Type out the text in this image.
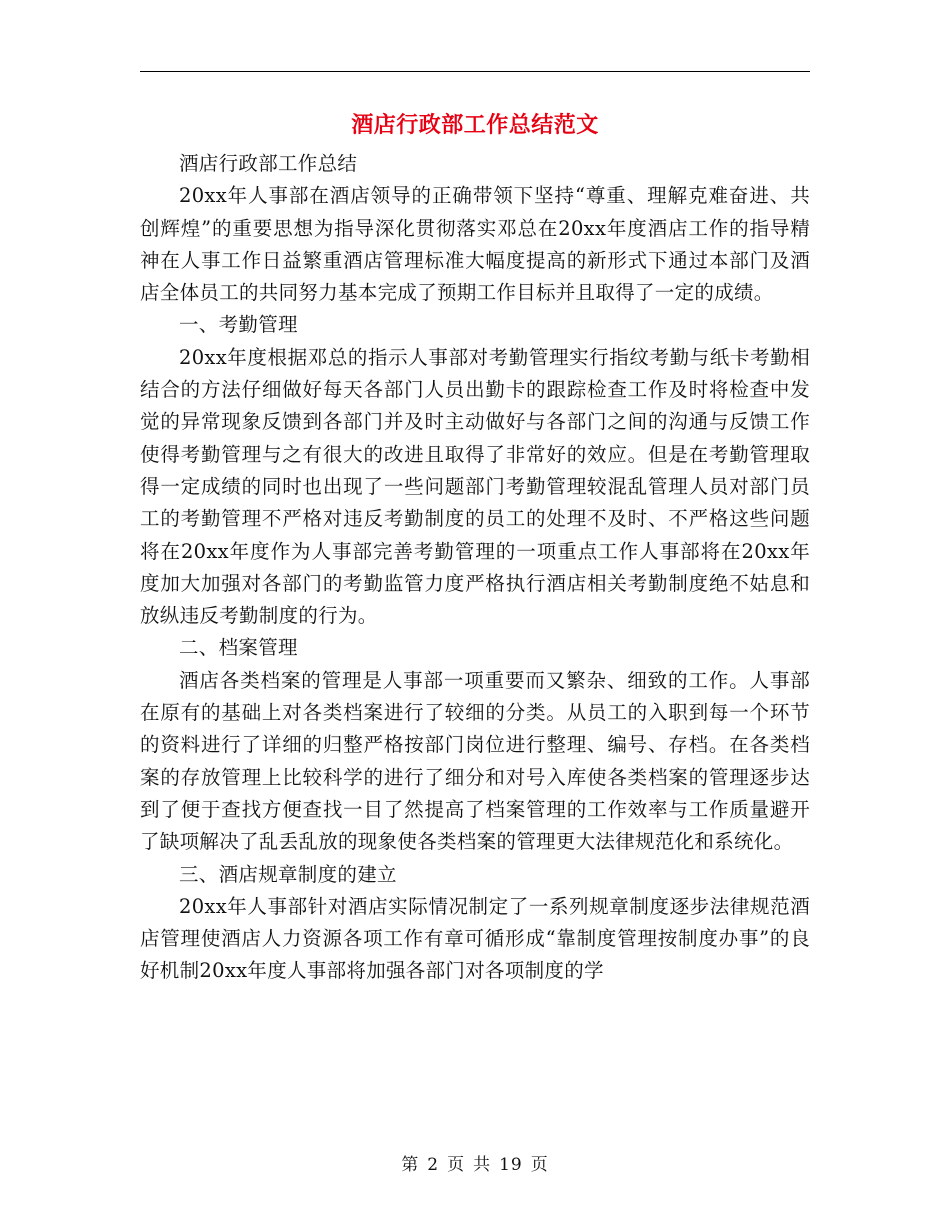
酒店行政部工作总结范文

酒店行政部工作总结

20xx年人事部在酒店领导的正确带领下坚持“尊重、理解克难奋进、共创辉煌”的重要思想为指导深化贯彻落实邓总在20xx年度酒店工作的指导精神在人事工作日益繁重酒店管理标准大幅度提高的新形式下通过本部门及酒店全体员工的共同努力基本完成了预期工作目标并且取得了一定的成绩。

一、考勤管理

20xx年度根据邓总的指示人事部对考勤管理实行指纹考勤与纸卡考勤相结合的方法仔细做好每天各部门人员出勤卡的跟踪检查工作及时将检查中发觉的异常现象反馈到各部门并及时主动做好与各部门之间的沟通与反馈工作使得考勤管理与之有很大的改进且取得了非常好的效应。但是在考勤管理取得一定成绩的同时也出现了一些问题部门考勤管理较混乱管理人员对部门员工的考勤管理不严格对违反考勤制度的员工的处理不及时、不严格这些问题将在20xx年度作为人事部完善考勤管理的一项重点工作人事部将在20xx年度加大加强对各部门的考勤监管力度严格执行酒店相关考勤制度绝不姑息和放纵违反考勤制度的行为。

二、档案管理

酒店各类档案的管理是人事部一项重要而又繁杂、细致的工作。人事部在原有的基础上对各类档案进行了较细的分类。从员工的入职到每一个环节的资料进行了详细的归整严格按部门岗位进行整理、编号、存档。在各类档案的存放管理上比较科学的进行了细分和对号入库使各类档案的管理逐步达到了便于查找方便查找一目了然提高了档案管理的工作效率与工作质量避开了缺项解决了乱丢乱放的现象使各类档案的管理更大法律规范化和系统化。

三、酒店规章制度的建立

20xx年人事部针对酒店实际情况制定了一系列规章制度逐步法律规范酒店管理使酒店人力资源各项工作有章可循形成“靠制度管理按制度办事”的良好机制20xx年度人事部将加强各部门对各项制度的学

第 2 页 共 19 页
